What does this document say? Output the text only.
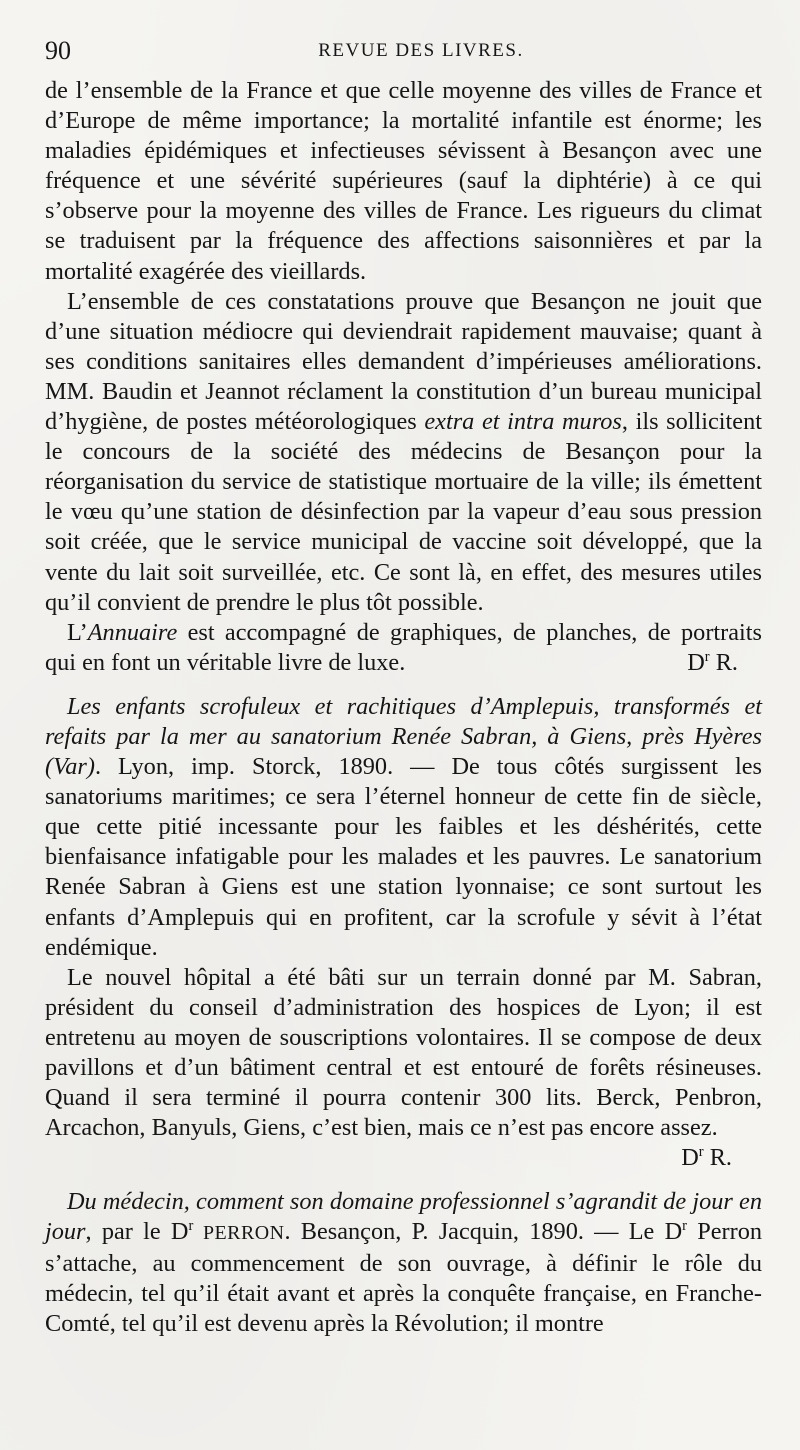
90	REVUE DES LIVRES.

de l’ensemble de la France et que celle moyenne des villes de France et d’Europe de même importance; la mortalité infantile est énorme; les maladies épidémiques et infectieuses sévissent à Besançon avec une fréquence et une sévérité supérieures (sauf la diphtérie) à ce qui s’observe pour la moyenne des villes de France. Les rigueurs du climat se traduisent par la fréquence des affections saisonnières et par la mortalité exagérée des vieillards.

L’ensemble de ces constatations prouve que Besançon ne jouit que d’une situation médiocre qui deviendrait rapidement mauvaise; quant à ses conditions sanitaires elles demandent d’impérieuses améliorations. MM. Baudin et Jeannot réclament la constitution d’un bureau municipal d’hygiène, de postes météorologiques extra et intra muros, ils sollicitent le concours de la société des médecins de Besançon pour la réorganisation du service de statistique mortuaire de la ville; ils émettent le vœu qu’une station de désinfection par la vapeur d’eau sous pression soit créée, que le service municipal de vaccine soit développé, que la vente du lait soit surveillée, etc. Ce sont là, en effet, des mesures utiles qu’il convient de prendre le plus tôt possible.

L’Annuaire est accompagné de graphiques, de planches, de portraits qui en font un véritable livre de luxe.	$D^r$ R.

Les enfants scrofuleux et rachitiques d’Amplepuis, transformés et refaits par la mer au sanatorium Renée Sabran, à Giens, près Hyères (Var). Lyon, imp. Storck, 1890. — De tous côtés surgissent les sanatoriums maritimes; ce sera l’éternel honneur de cette fin de siècle, que cette pitié incessante pour les faibles et les déshérités, cette bienfaisance infatigable pour les malades et les pauvres. Le sanatorium Renée Sabran à Giens est une station lyonnaise; ce sont surtout les enfants d’Amplepuis qui en profitent, car la scrofule y sévit à l’état endémique.

Le nouvel hôpital a été bâti sur un terrain donné par M. Sabran, président du conseil d’administration des hospices de Lyon; il est entretenu au moyen de souscriptions volontaires. Il se compose de deux pavillons et d’un bâtiment central et est entouré de forêts résineuses. Quand il sera terminé il pourra contenir 300 lits. Berck, Penbron, Arcachon, Banyuls, Giens, c’est bien, mais ce n’est pas encore assez.
$D^r$ R.

Du médecin, comment son domaine professionnel s’agrandit de jour en jour, par le $D^r$ PERRON. Besançon, P. Jacquin, 1890. — Le $D^r$ Perron s’attache, au commencement de son ouvrage, à définir le rôle du médecin, tel qu’il était avant et après la conquête française, en Franche-Comté, tel qu’il est devenu après la Révolution; il montre
